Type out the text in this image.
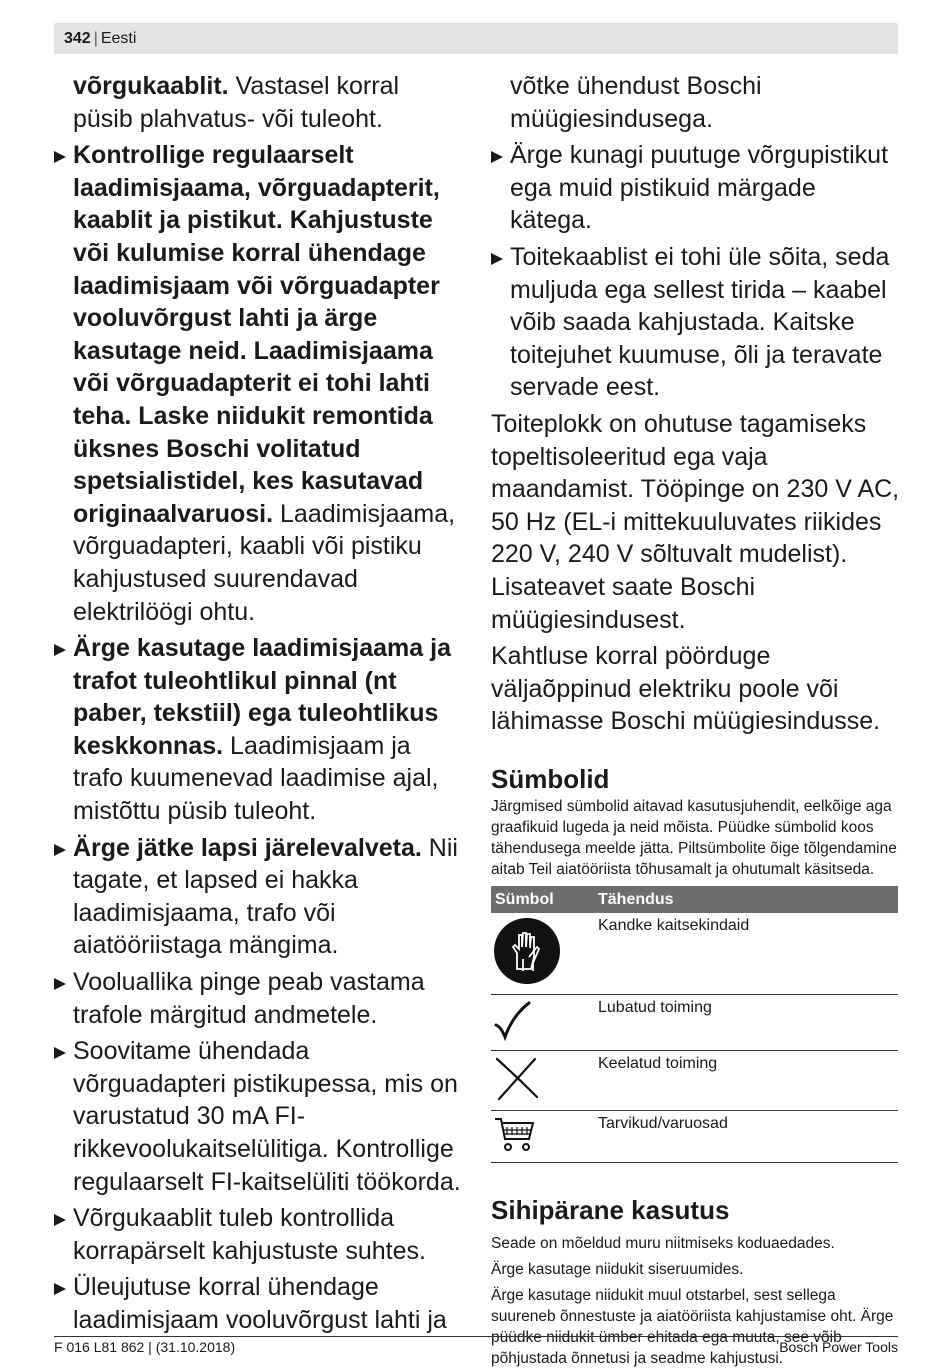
342 | Eesti
võrgukaablit. Vastasel korral püsib plahvatus- või tuleoht.
Kontrollige regulaarselt laadimisjaama, võrguadapterit, kaablit ja pistikut. Kahjustuste või kulumise korral ühendage laadimisjaam või võrguadapter vooluvõrgust lahti ja ärge kasutage neid. Laadimisjaama või võrguadapterit ei tohi lahti teha. Laske niidukit remontida üksnes Boschi volitatud spetsialistidel, kes kasutavad originaalvaruosi. Laadimisjaama, võrguadapteri, kaabli või pistiku kahjustused suurendavad elektrilöögi ohtu.
Ärge kasutage laadimisjaama ja trafot tuleohtlikul pinnal (nt paber, tekstiil) ega tuleohtlikus keskkonnas. Laadimisjaam ja trafo kuumenevad laadimise ajal, mistõttu püsib tuleoht.
Ärge jätke lapsi järelevalveta. Nii tagate, et lapsed ei hakka laadimisjaama, trafo või aiatööriistaga mängima.
Vooluallika pinge peab vastama trafole märgitud andmetele.
Soovitame ühendada võrguadapteri pistikupessa, mis on varustatud 30 mA FI-rikkevoolukaitselülitiga. Kontrollige regulaarselt FI-kaitselüliti töökorda.
Võrgukaablit tuleb kontrollida korrapärselt kahjustuste suhtes.
Üleujutuse korral ühendage laadimisjaam vooluvõrgust lahti ja
võtke ühendust Boschi müügiesindusega.
Ärge kunagi puutuge võrgupistikut ega muid pistikuid märgade kätega.
Toitekaablist ei tohi üle sõita, seda muljuda ega sellest tirida – kaabel võib saada kahjustada. Kaitske toitejuhet kuumuse, õli ja teravate servade eest.
Toiteplokk on ohutuse tagamiseks topeltisoleeritud ega vaja maandamist. Tööpinge on 230 V AC, 50 Hz (EL-i mittekuuluvates riikides 220 V, 240 V sõltuvalt mudelist). Lisateavet saate Boschi müügiesindusest.
Kahtluse korral pöörduge väljaõppinud elektriku poole või lähimasse Boschi müügiesindusse.
Sümbolid
Järgmised sümbolid aitavad kasutusjuhendit, eelkõige aga graafikuid lugeda ja neid mõista. Püüdke sümbolid koos tähendusega meelde jätta. Piltsümbolite õige tõlgendamine aitab Teil aiatööriista tõhusamalt ja ohutumalt käsitseda.
Sümbol	Tähendus
	Kandke kaitsekindaid
	Lubatud toiming
	Keelatud toiming
	Tarvikud/varuosad
Sihipärane kasutus
Seade on mõeldud muru niitmiseks koduaedades.
Ärge kasutage niidukit siseruumides.
Ärge kasutage niidukit muul otstarbel, sest sellega suureneb õnnestuste ja aiatööriista kahjustamise oht. Ärge püüdke niidukit ümber ehitada ega muuta, see võib põhjustada õnnetusi ja seadme kahjustusi.
F 016 L81 862 | (31.10.2018)	Bosch Power Tools
